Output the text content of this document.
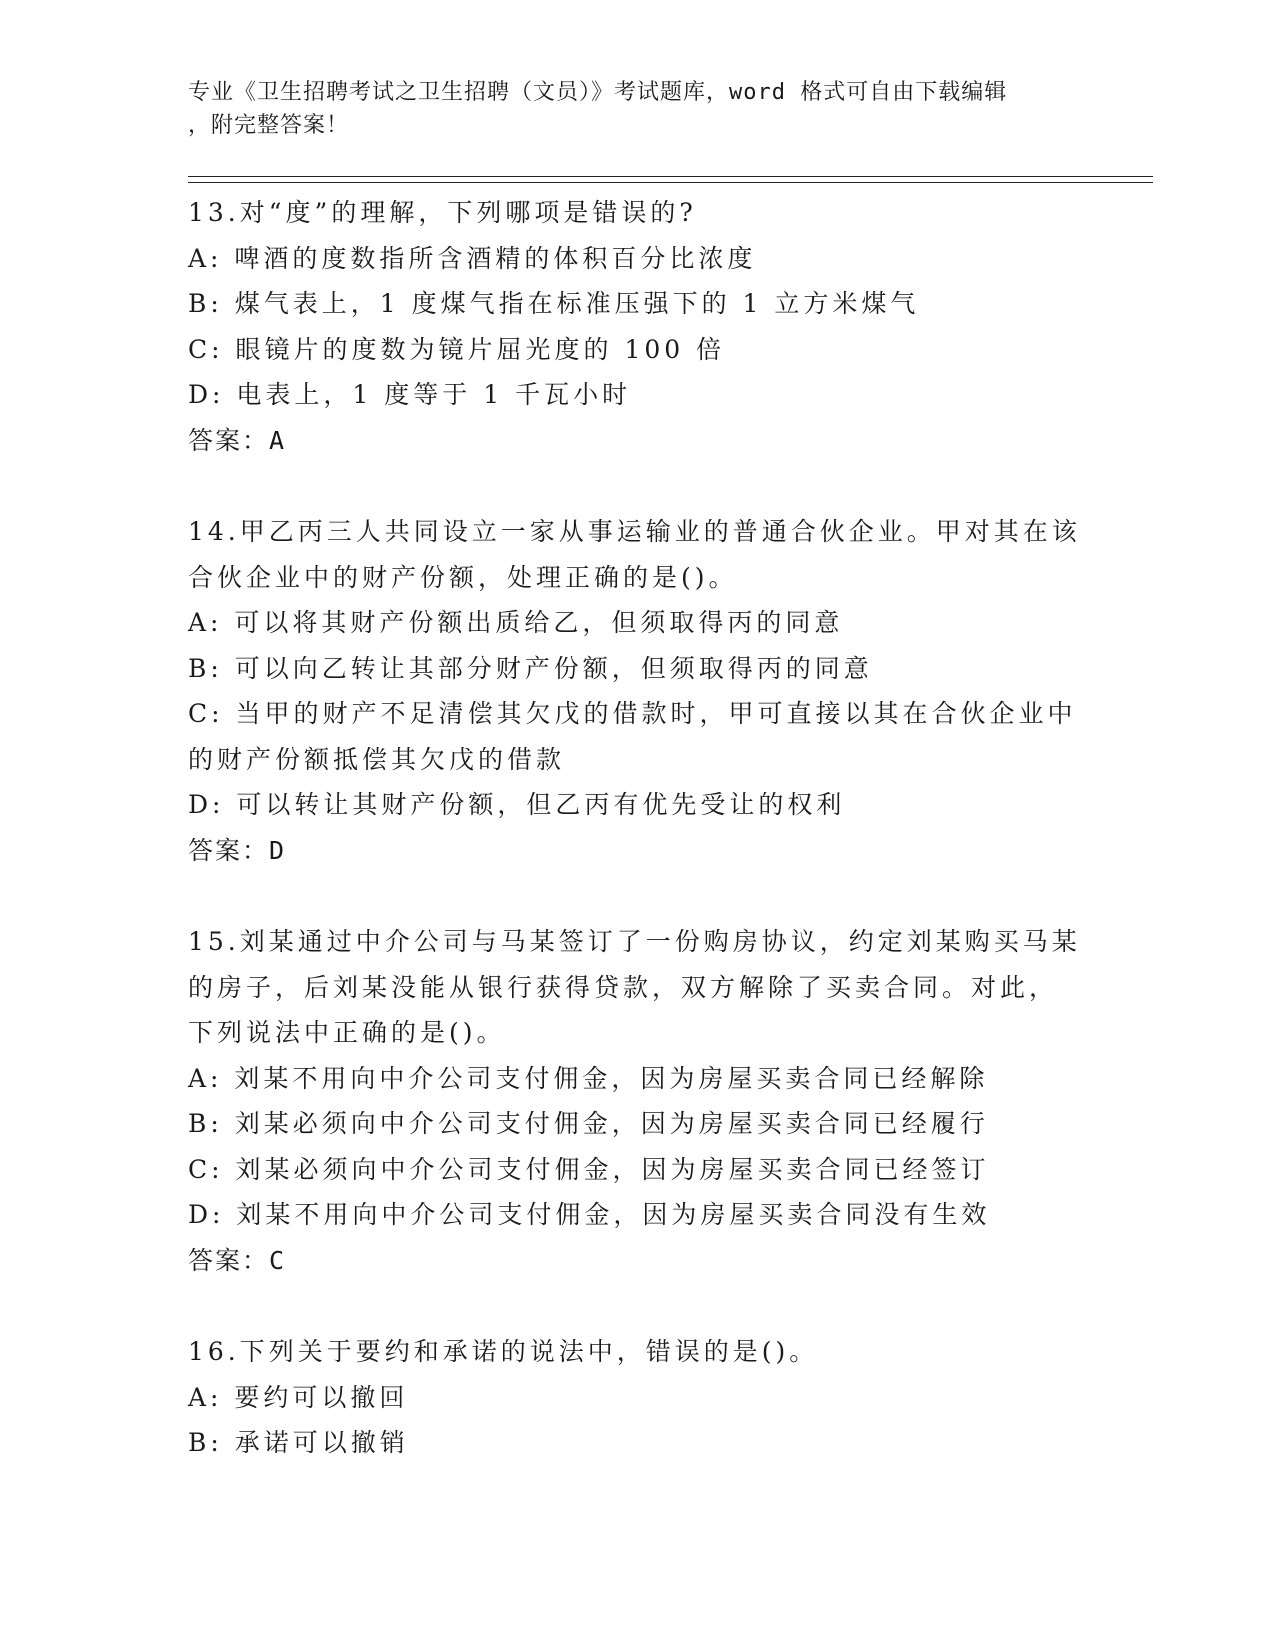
专业《卫生招聘考试之卫生招聘（文员）》考试题库，word 格式可自由下载编辑
，附完整答案！
13.对“度”的理解，下列哪项是错误的?
A: 啤酒的度数指所含酒精的体积百分比浓度
B: 煤气表上，1 度煤气指在标准压强下的 1 立方米煤气
C: 眼镜片的度数为镜片屈光度的 100 倍
D: 电表上，1 度等于 1 千瓦小时
答案：A
14.甲乙丙三人共同设立一家从事运输业的普通合伙企业。甲对其在该
合伙企业中的财产份额，处理正确的是()。
A: 可以将其财产份额出质给乙，但须取得丙的同意
B: 可以向乙转让其部分财产份额，但须取得丙的同意
C: 当甲的财产不足清偿其欠戊的借款时，甲可直接以其在合伙企业中
的财产份额抵偿其欠戊的借款
D: 可以转让其财产份额，但乙丙有优先受让的权利
答案：D
15.刘某通过中介公司与马某签订了一份购房协议，约定刘某购买马某
的房子，后刘某没能从银行获得贷款，双方解除了买卖合同。对此，
下列说法中正确的是()。
A: 刘某不用向中介公司支付佣金，因为房屋买卖合同已经解除
B: 刘某必须向中介公司支付佣金，因为房屋买卖合同已经履行
C: 刘某必须向中介公司支付佣金，因为房屋买卖合同已经签订
D: 刘某不用向中介公司支付佣金，因为房屋买卖合同没有生效
答案：C
16.下列关于要约和承诺的说法中，错误的是()。
A: 要约可以撤回
B: 承诺可以撤销
